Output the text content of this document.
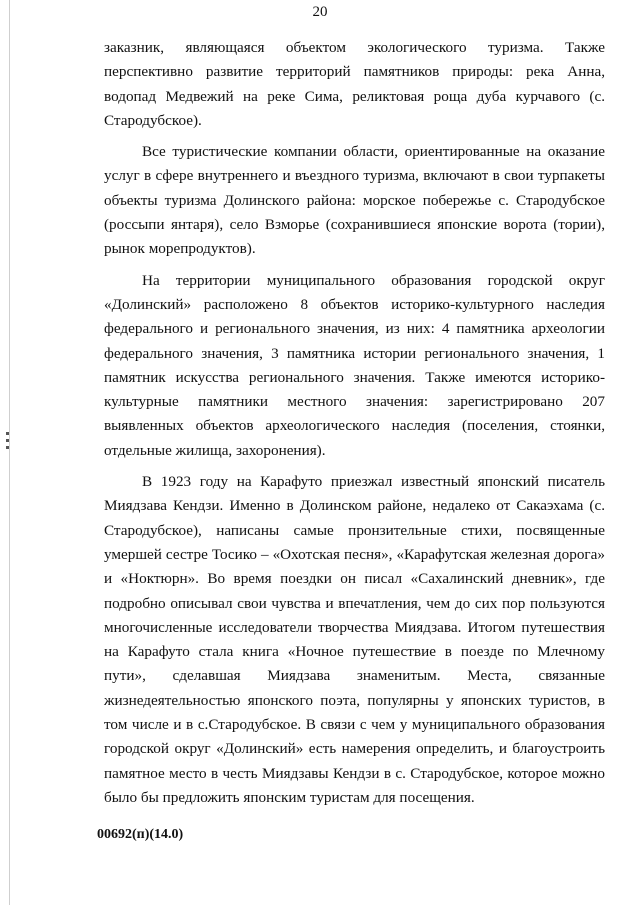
20

заказник, являющаяся объектом экологического туризма. Также перспективно развитие территорий памятников природы: река Анна, водопад Медвежий на реке Сима, реликтовая роща дуба курчавого (с. Стародубское).

Все туристические компании области, ориентированные на оказание услуг в сфере внутреннего и въездного туризма, включают в свои турпакеты объекты туризма Долинского района: морское побережье с. Стародубское (россыпи янтаря), село Взморье (сохранившиеся японские ворота (тории), рынок морепродуктов).

На территории муниципального образования городской округ «Долинский» расположено 8 объектов историко-культурного наследия федерального и регионального значения, из них: 4 памятника археологии федерального значения, 3 памятника истории регионального значения, 1 памятник искусства регионального значения. Также имеются историко-культурные памятники местного значения: зарегистрировано 207 выявленных объектов археологического наследия (поселения, стоянки, отдельные жилища, захоронения).

В 1923 году на Карафуто приезжал известный японский писатель Миядзава Кендзи. Именно в Долинском районе, недалеко от Сакаэхама (с. Стародубское), написаны самые пронзительные стихи, посвященные умершей сестре Тосико – «Охотская песня», «Карафутская железная дорога» и «Ноктюрн». Во время поездки он писал «Сахалинский дневник», где подробно описывал свои чувства и впечатления, чем до сих пор пользуются многочисленные исследователи творчества Миядзава. Итогом путешествия на Карафуто стала книга «Ночное путешествие в поезде по Млечному пути», сделавшая Миядзава знаменитым. Места, связанные жизнедеятельностью японского поэта, популярны у японских туристов, в том числе и в с.Стародубское. В связи с чем у муниципального образования городской округ «Долинский» есть намерения определить, и благоустроить памятное место в честь Миядзавы Кендзи в с. Стародубское, которое можно было бы предложить японским туристам для посещения.

00692(п)(14.0)
